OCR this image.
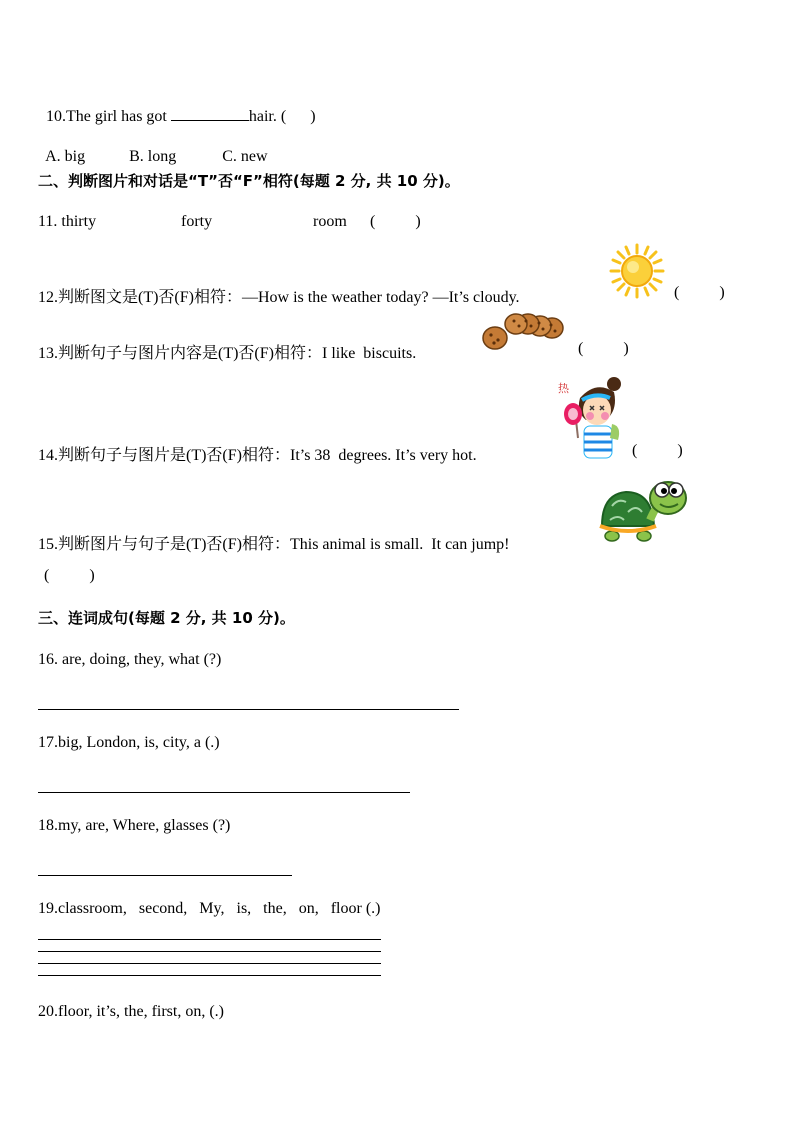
10.The girl has got	hair. (      )

A. big	B. long	C. new

二、判断图片和对话是“T”否“F”相符(每题 2 分, 共 10 分)。
11. thirty	forty	room (          )
12.判断图文是(T)否(F)相符：—How is the weather today? —It’s cloudy.	(          )
13.判断句子与图片内容是(T)否(F)相符：I like  biscuits.	(          )
14.判断句子与图片是(T)否(F)相符：It’s 38  degrees. It’s very hot.
热
(          )
15.判断图片与句子是(T)否(F)相符：This animal is small.  It can jump!
(          )
三、连词成句(每题 2 分, 共 10 分)。
16. are, doing, they, what (?)
17.big, London, is, city, a (.)
18.my, are, Where, glasses (?)
19.classroom,   second,   My,   is,   the,   on,   floor (.)
20.floor, it’s, the, first, on, (.)
